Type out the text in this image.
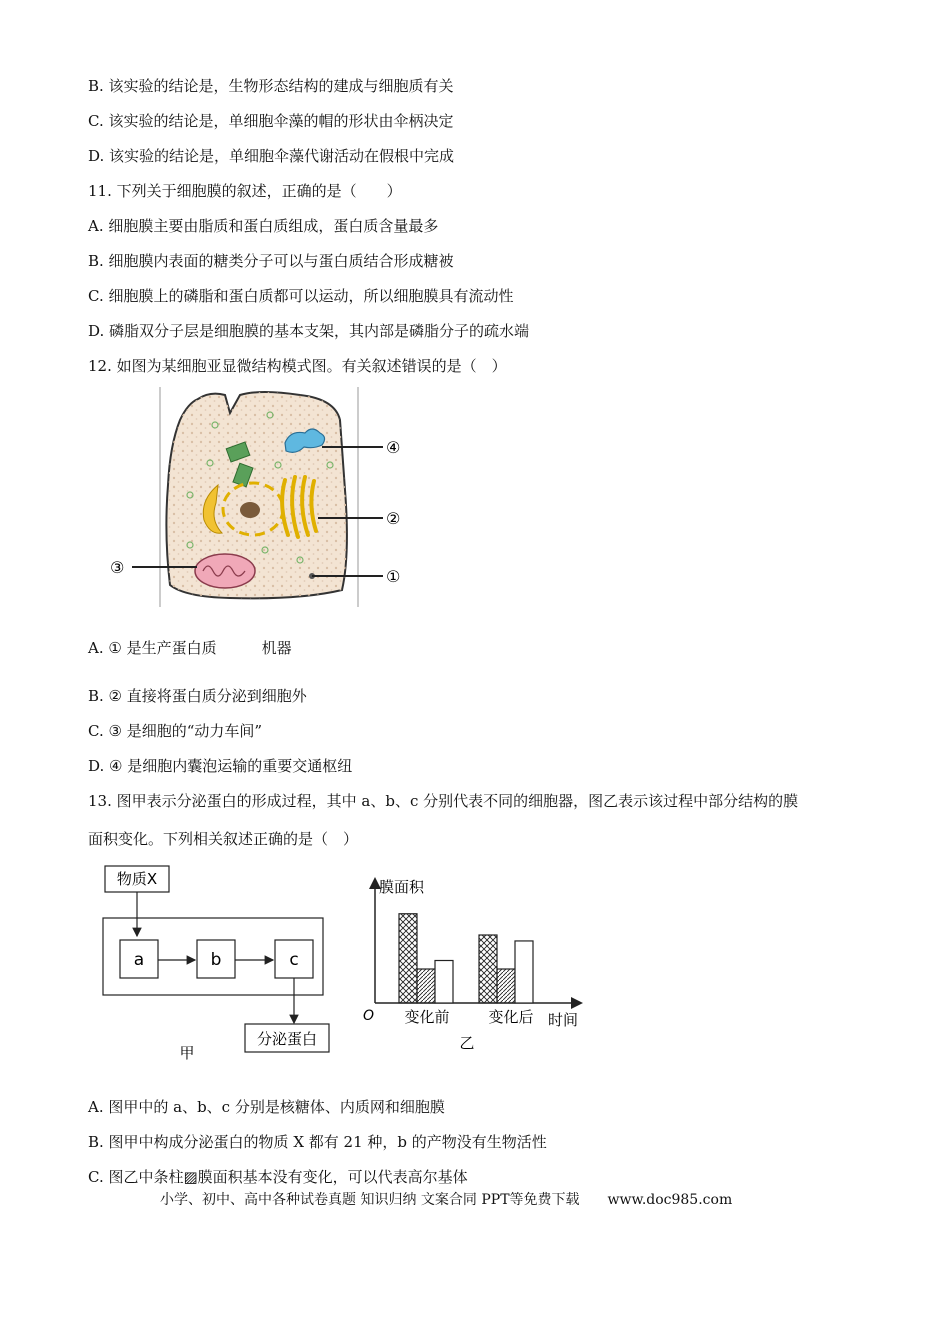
B. 该实验的结论是，生物形态结构的建成与细胞质有关
C. 该实验的结论是，单细胞伞藻的帽的形状由伞柄决定
D. 该实验的结论是，单细胞伞藻代谢活动在假根中完成
11. 下列关于细胞膜的叙述，正确的是（　　）
A. 细胞膜主要由脂质和蛋白质组成，蛋白质含量最多
B. 细胞膜内表面的糖类分子可以与蛋白质结合形成糖被
C. 细胞膜上的磷脂和蛋白质都可以运动，所以细胞膜具有流动性
D. 磷脂双分子层是细胞膜的基本支架，其内部是磷脂分子的疏水端
12. 如图为某细胞亚显微结构模式图。有关叙述错误的是（　）
④
②
③	①
A. ① 是生产蛋白质　　　机器
B. ② 直接将蛋白质分泌到细胞外
C. ③ 是细胞的“动力车间”
D. ④ 是细胞内囊泡运输的重要交通枢纽
13. 图甲表示分泌蛋白的形成过程，其中 a、b、c 分别代表不同的细胞器，图乙表示该过程中部分结构的膜
面积变化。下列相关叙述正确的是（　）
物质X
a	b	c
分泌蛋白
甲
膜面积
O	时间
变化前	变化后
乙
A. 图甲中的 a、b、c 分别是核糖体、内质网和细胞膜
B. 图甲中构成分泌蛋白的物质 X 都有 21 种，b 的产物没有生物活性
C. 图乙中条柱▨膜面积基本没有变化，可以代表高尔基体
小学、初中、高中各种试卷真题 知识归纳 文案合同 PPT等免费下载　　www.doc985.com
